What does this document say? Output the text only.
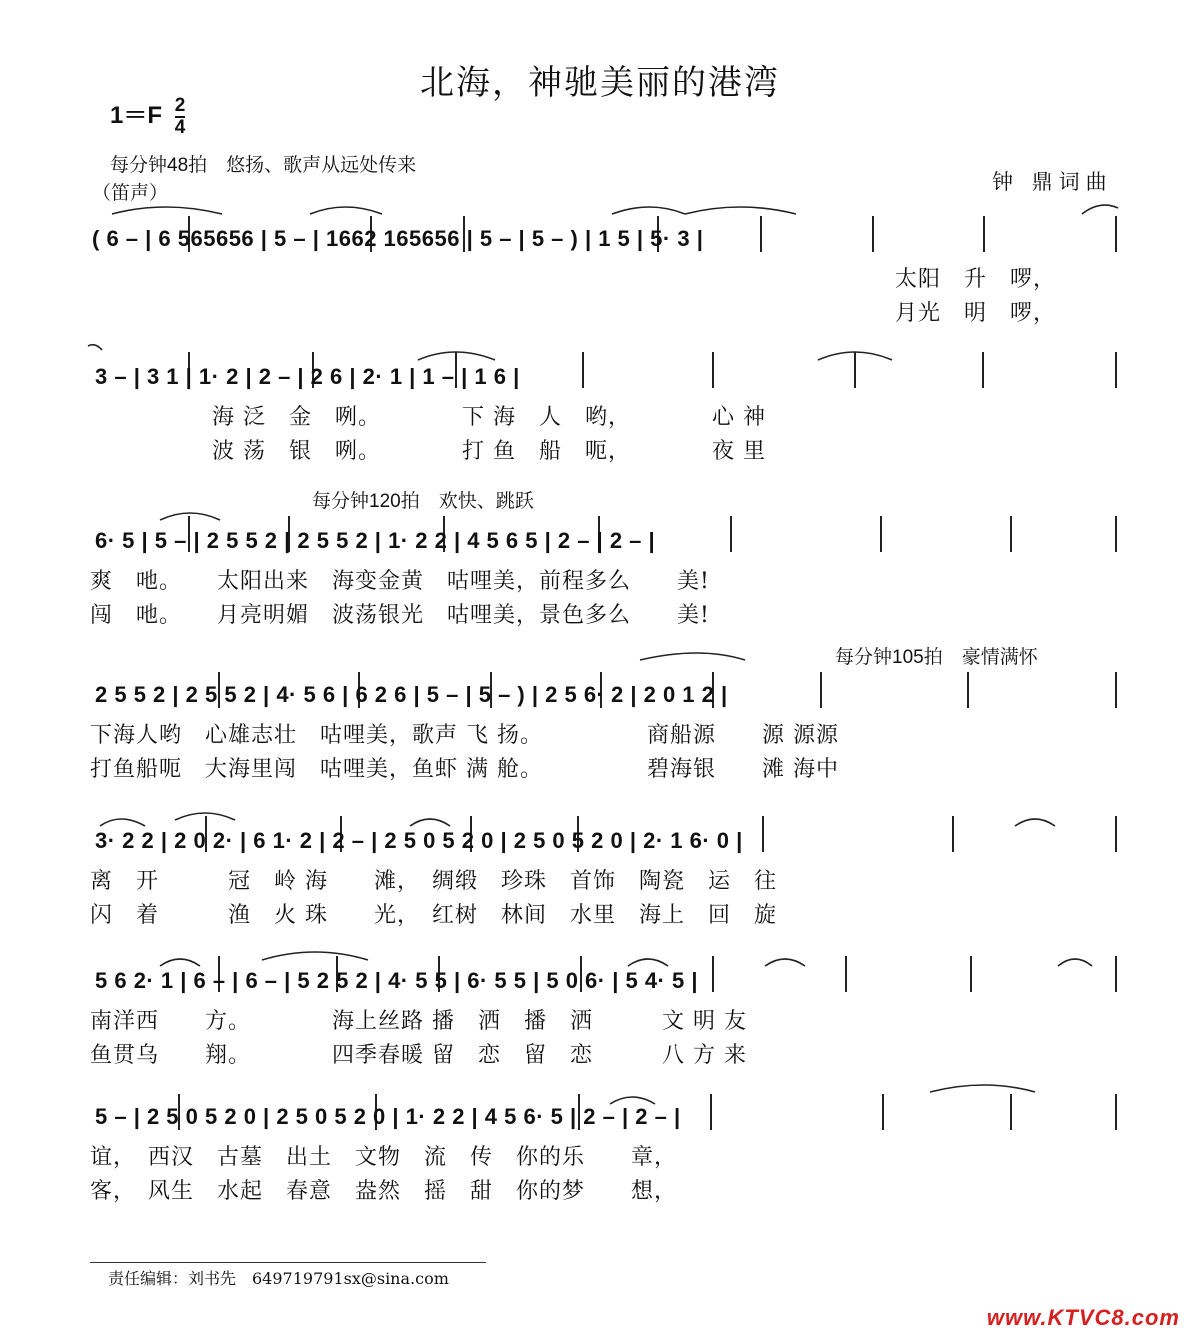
北海，神驰美丽的港湾
$1=F \frac{2}{4}$
每分钟48拍　悠扬、歌声从远处传来
钟 鼎词曲
（笛声）
( 6 – | 6 565656 | 5 – | 1662 165656 | 5 – | 5 – ) | 1 5 | 5· 3 |
太阳　升　啰，
月光　明　啰，
3 – | 3 1 | 1· 2 | 2 – | 2 6 | 2· 1 | 1 – | 1 6 |
海 泛　金　咧。　　　　下 海　人　哟，　　　　心 神
波 荡　银　咧。　　　　打 鱼　船　呃，　　　　夜 里
每分钟120拍　欢快、跳跃
6· 5 | 5 – | 2 5 5 2 | 2 5 5 2 | 1· 2 2 | 4 5 6 5 | 2 – | 2 – |
爽　吔。　　太阳出来　海变金黄　咕哩美，前程多么　　美!
闯　吔。　　月亮明媚　波荡银光　咕哩美，景色多么　　美!
每分钟105拍　豪情满怀
2 5 5 2 | 2 5 5 2 | 4· 5 6 | 6 2 6 | 5 – | 5 – ) | 2 5 6· 2 | 2 0 1 2 |
下海人哟　心雄志壮　咕哩美，歌声 飞 扬。　　　　　商船源　　源 源源
打鱼船呃　大海里闯　咕哩美，鱼虾 满 舱。　　　　　碧海银　　滩 海中
3· 2 2 | 2 0 2· | 6 1· 2 | 2 – | 2 5 0 5 2 0 | 2 5 0 5 2 0 | 2· 1 6· 0 |
离　开　　　冠　岭 海　　滩，　绸缎　珍珠　首饰　陶瓷　运　往
闪　着　　　渔　火 珠　　光，　红树　林间　水里　海上　回　旋
5 6 2· 1 | 6 – | 6 – | 5 2 5 2 | 4· 5 5 | 6· 5 5 | 5 0 6· | 5 4· 5 |
南洋西　　方。　　　　海上丝路 播　洒　播　洒　　　文 明 友
鱼贯乌　　翔。　　　　四季春暖 留　恋　留　恋　　　八 方 来
5 – | 2 5 0 5 2 0 | 2 5 0 5 2 0 | 1· 2 2 | 4 5 6· 5 | 2 – | 2 – |
谊，　西汉　古墓　出土　文物　流　传　你的乐　　章，
客，　风生　水起　春意　盎然　摇　甜　你的梦　　想，
责任编辑：刘书先　649719791sx@sina.com
www.KTVC8.com
